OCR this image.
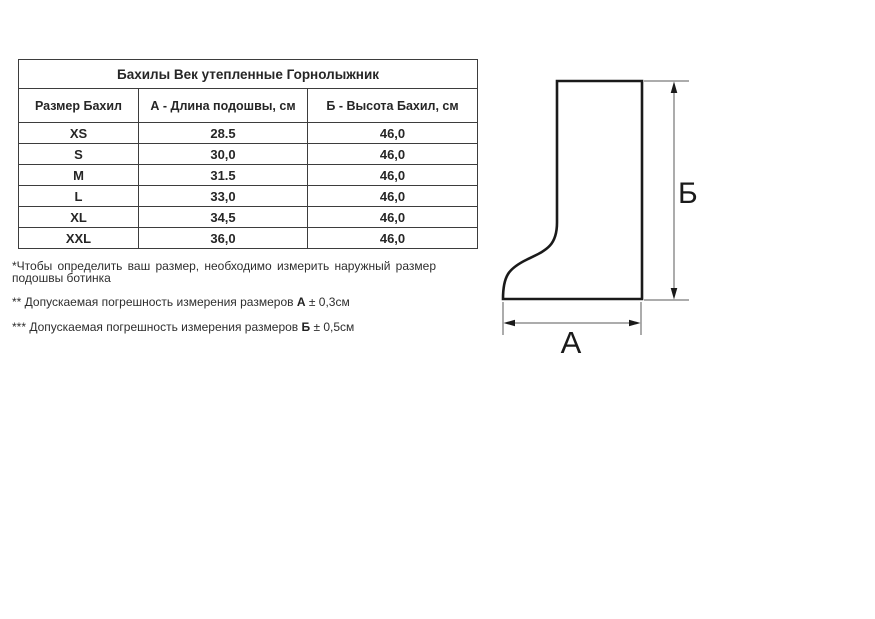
Бахилы Век утепленные Горнолыжник		
Размер Бахил	А - Длина подошвы, см	Б - Высота Бахил, см
XS	28.5	46,0
S	30,0	46,0
M	31.5	46,0
L	33,0	46,0
XL	34,5	46,0
XXL	36,0	46,0
*Чтобы определить ваш размер, необходимо измерить наружный размер
подошвы ботинка
** Допускаемая погрешность измерения размеров А ± 0,3см
*** Допускаемая погрешность измерения размеров Б ± 0,5см
Б
А
